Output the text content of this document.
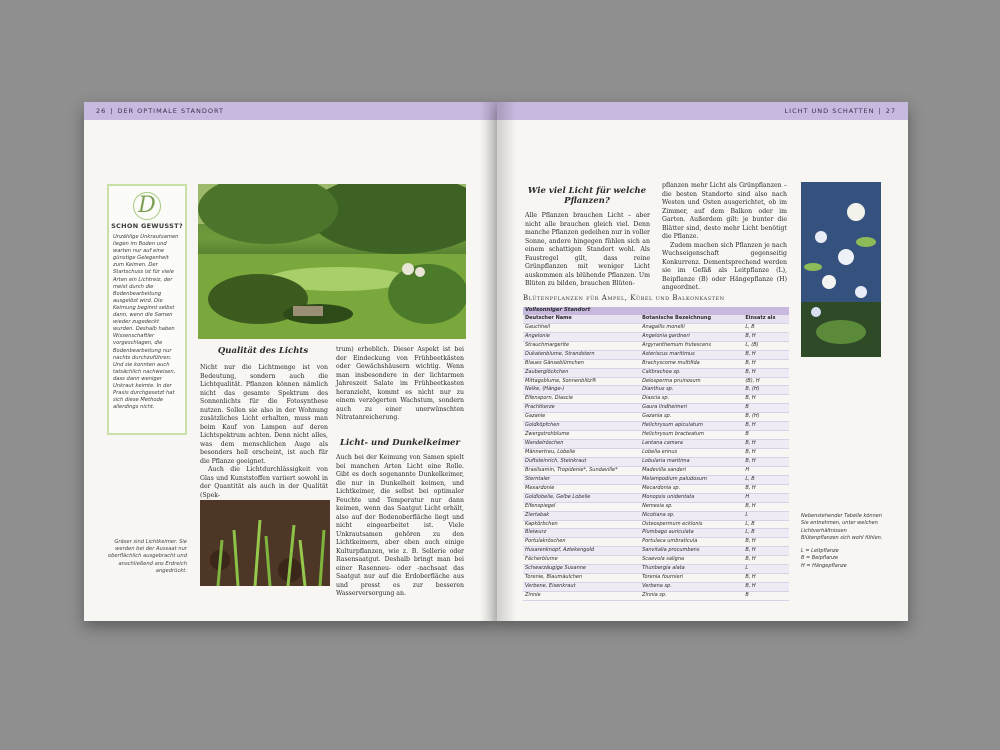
26 | DER OPTIMALE STANDORT
D
SCHON GEWUSST?
Unzählige Unkrautsamen liegen im Boden und warten nur auf eine günstige Gelegenheit zum Keimen. Der Startschuss ist für viele Arten ein Lichtreiz, der meist durch die Bodenbearbeitung ausgelöst wird. Die Keimung beginnt selbst dann, wenn die Samen wieder zugedeckt wurden. Deshalb haben Wissenschaftler vorgeschlagen, die Bodenbearbeitung nur nachts durchzuführen. Und sie konnten auch tatsächlich nachweisen, dass dann weniger Unkraut keimte. In der Praxis durchgesetzt hat sich diese Methode allerdings nicht.
Qualität des Lichts

Nicht nur die Lichtmenge ist von Bedeutung, sondern auch die Lichtqualität. Pflanzen können nämlich nicht das gesamte Spektrum des Sonnenlichts für die Fotosynthese nutzen. Sollen sie also in der Wohnung zusätzliches Licht erhalten, muss man beim Kauf von Lampen auf deren Lichtspektrum achten. Denn nicht alles, was dem menschlichen Auge als besonders hell erscheint, ist auch für die Pflanze geeignet.

Auch die Lichtdurchlässigkeit von Glas und Kunststoffen variiert sowohl in der Quantität als auch in der Qualität (Spek-

Gräser sind Lichtkeimer. Sie werden bei der Aussaat nur oberflächlich ausgebracht und anschließend ans Erdreich angedrückt.
trum) erheblich. Dieser Aspekt ist bei der Eindeckung von Frühbeetkästen oder Gewächshäusern wichtig. Wenn man insbesondere in der lichtarmen Jahreszeit Salate im Frühbeetkasten heranzieht, kommt es nicht nur zu einem verzögerten Wachstum, sondern auch zu einer unerwünschten Nitratanreicherung.
Licht- und Dunkelkeimer
Auch bei der Keimung von Samen spielt bei manchen Arten Licht eine Rolle. Gibt es doch sogenannte Dunkelkeimer, die nur in Dunkelheit keimen, und Lichtkeimer, die selbst bei optimaler Feuchte und Temperatur nur dann keimen, wenn das Saatgut Licht erhält, also auf der Bodenoberfläche liegt und nicht eingearbeitet ist. Viele Unkrautsamen gehören zu den Lichtkeimern, aber eben auch einige Kulturpflanzen, wie z. B. Sellerie oder Rasensaatgut. Deshalb bringt man bei einer Rasenneu- oder -nachsaat das Saatgut nur auf die Erdoberfläche aus und presst es zur besseren Wasserversorgung an.
LICHT UND SCHATTEN | 27
Wie viel Licht für welche Pflanzen?
Alle Pflanzen brauchen Licht – aber nicht alle brauchen gleich viel. Denn manche Pflanzen gedeihen nur in voller Sonne, andere hingegen fühlen sich an einem schattigen Standort wohl. Als Faustregel gilt, dass reine Grünpflanzen mit weniger Licht auskommen als blühende Pflanzen. Um Blüten zu bilden, brauchen Blüten-

pflanzen mehr Licht als Grünpflanzen – die besten Standorte sind also nach Westen und Osten ausgerichtet, ob im Zimmer, auf dem Balkon oder im Garten. Außerdem gilt: je bunter die Blätter sind, desto mehr Licht benötigt die Pflanze.

Zudem machen sich Pflanzen je nach Wuchseigenschaft gegenseitig Konkurrenz. Dementsprechend werden sie im Gefäß als Leitpflanze (L), Beipflanze (B) oder Hängepflanze (H) angeordnet.

Blütenpflanzen für Ampel, Kübel und Balkonkasten
Vollsonniger Standort
Deutscher Name	Botanische Bezeichnung	Einsatz als
Gauchheil	Anagallis monelli	L, B
Angelonie	Angelonia gardneri	B, H
Strauchmargerite	Argyranthemum frutescens	L, (B)
Dukatenblume, Strandstern	Asteriscus maritimus	B, H
Blaues Gänseblümchen	Brachyscome multifida	B, H
Zauberglöckchen	Calibrachoa sp.	B, H
Mittagsblume, Sonnenblitz®	Delosperma pruinosum	(B), H
Nelke, (Hänge-)	Dianthus sp.	B, (H)
Elfensporn, Diascie	Diascia sp.	B, H
Prachtkerze	Gaura lindheimeri	B
Gazanie	Gazania sp.	B, (H)
Goldköpfchen	Helichrysum apiculatum	B, H
Zwergstrohblume	Helichrysum bracteatum	B
Wandelröschen	Lantana camara	B, H
Männertreu, Lobelie	Lobelia erinus	B, H
Duftsteinrich, Steinkraut	Lobularia maritima	B, H
Brasilsamin, Tropidenie*, Sundaville*	Madevilla sanderi	H
Sterntaler	Melampodium paludosum	L, B
Mexardonie	Mecardonia sp.	B, H
Goldlobelie, Gelbe Lobelie	Monopsis unidentata	H
Elfenspiegel	Nemesia sp.	B, H
Ziertabak	Nicotiana sp.	L
Kapkörbchen	Osteospermum ecklonis	L, B
Bleiwurz	Plumbago auriculata	L, B
Portulakröschen	Portulaca umbraticula	B, H
Husarenknopf, Azteken​gold	Sanvitalia procumbens	B, H
Fächerblume	Scaevola saligna	B, H
Schwarzäugige Susanne	Thunbergia alata	L
Torenie, Blaumäulchen	Torenia fournieri	B, H
Verbene, Eisenkraut	Verbena sp.	B, H
Zinnie	Zinnia sp.	B

Nebenstehender Tabelle können Sie entnehmen, unter welchen Lichtverhältnissen Blütenpflanzen sich wohl fühlen.

L = Leitpflanze
B = Beipflanze
H = Hängepflanze
